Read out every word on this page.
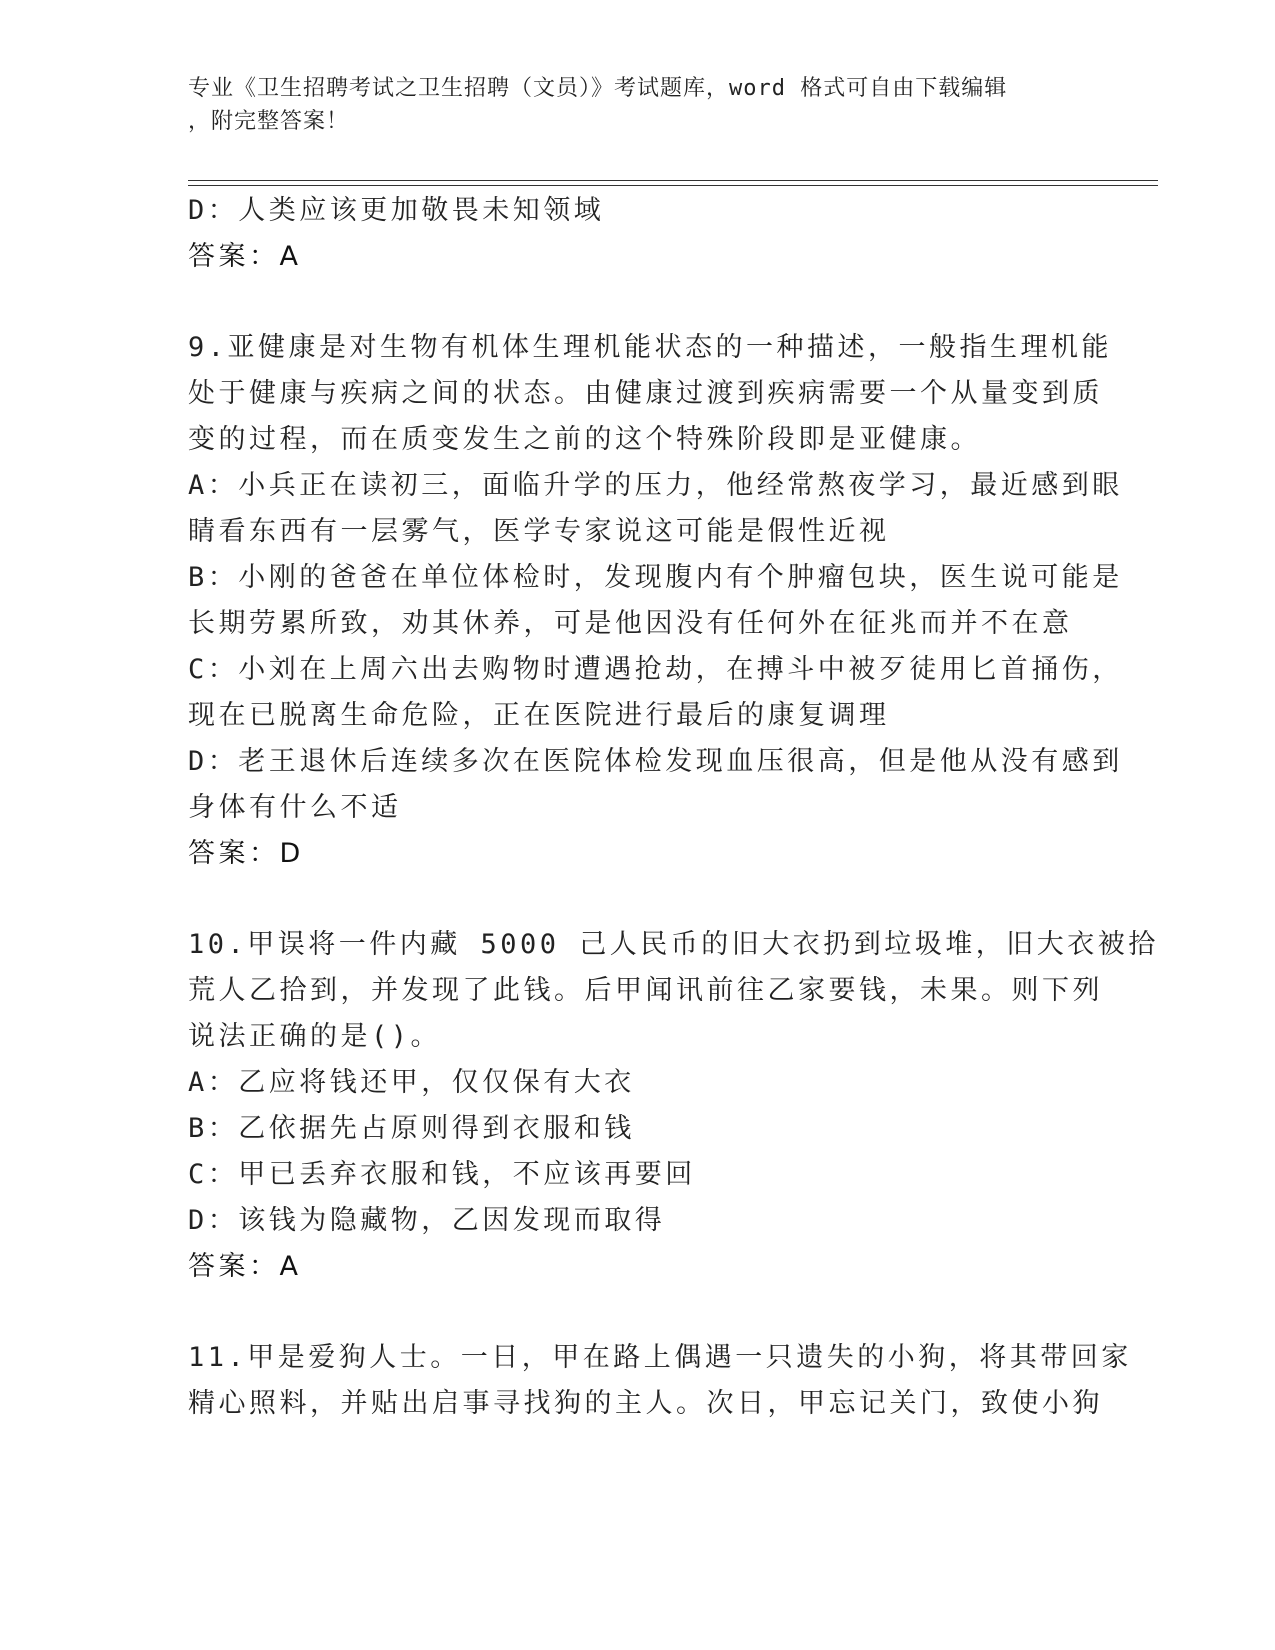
专业《卫生招聘考试之卫生招聘（文员）》考试题库，word 格式可自由下载编辑
，附完整答案！
D：人类应该更加敬畏未知领域
答案：A
9.亚健康是对生物有机体生理机能状态的一种描述，一般指生理机能
处于健康与疾病之间的状态。由健康过渡到疾病需要一个从量变到质
变的过程，而在质变发生之前的这个特殊阶段即是亚健康。
A：小兵正在读初三，面临升学的压力，他经常熬夜学习，最近感到眼
睛看东西有一层雾气，医学专家说这可能是假性近视
B：小刚的爸爸在单位体检时，发现腹内有个肿瘤包块，医生说可能是
长期劳累所致，劝其休养，可是他因没有任何外在征兆而并不在意
C：小刘在上周六出去购物时遭遇抢劫，在搏斗中被歹徒用匕首捅伤，
现在已脱离生命危险，正在医院进行最后的康复调理
D：老王退休后连续多次在医院体检发现血压很高，但是他从没有感到
身体有什么不适
答案：D
10.甲误将一件内藏 5000 己人民币的旧大衣扔到垃圾堆，旧大衣被拾
荒人乙拾到，并发现了此钱。后甲闻讯前往乙家要钱，未果。则下列
说法正确的是()。
A：乙应将钱还甲，仅仅保有大衣
B：乙依据先占原则得到衣服和钱
C：甲已丢弃衣服和钱，不应该再要回
D：该钱为隐藏物，乙因发现而取得
答案：A
11.甲是爱狗人士。一日，甲在路上偶遇一只遗失的小狗，将其带回家
精心照料，并贴出启事寻找狗的主人。次日，甲忘记关门，致使小狗
